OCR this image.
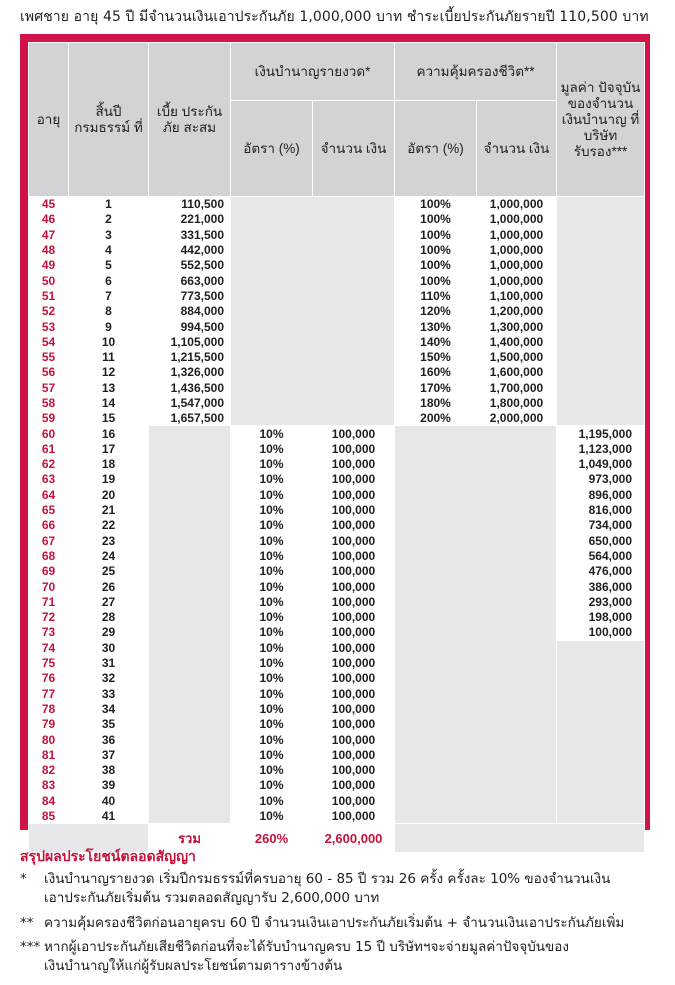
เพศชาย อายุ 45 ปี มีจำนวนเงินเอาประกันภัย 1,000,000 บาท ชำระเบี้ยประกันภัยรายปี 110,500 บาท
อายุ	สิ้นปี กรมธรรม์ ที่	เบี้ย ประกันภัย สะสม	เงินบำนาญรายงวด*		ความคุ้มครองชีวิต**		มูลค่า ปัจจุบัน ของจำนวน เงินบำนาญ ที่บริษัท รับรอง***
			อัตรา (%)	จำนวน เงิน	อัตรา (%)	จำนวน เงิน	
45	1	110,500			100%	1,000,000	
46	2	221,000			100%	1,000,000	
47	3	331,500			100%	1,000,000	
48	4	442,000			100%	1,000,000	
49	5	552,500			100%	1,000,000	
50	6	663,000			100%	1,000,000	
51	7	773,500			110%	1,100,000	
52	8	884,000			120%	1,200,000	
53	9	994,500			130%	1,300,000	
54	10	1,105,000			140%	1,400,000	
55	11	1,215,500			150%	1,500,000	
56	12	1,326,000			160%	1,600,000	
57	13	1,436,500			170%	1,700,000	
58	14	1,547,000			180%	1,800,000	
59	15	1,657,500			200%	2,000,000	
60	16		10%	100,000			1,195,000
61	17		10%	100,000			1,123,000
62	18		10%	100,000			1,049,000
63	19		10%	100,000			973,000
64	20		10%	100,000			896,000
65	21		10%	100,000			816,000
66	22		10%	100,000			734,000
67	23		10%	100,000			650,000
68	24		10%	100,000			564,000
69	25		10%	100,000			476,000
70	26		10%	100,000			386,000
71	27		10%	100,000			293,000
72	28		10%	100,000			198,000
73	29		10%	100,000			100,000
74	30		10%	100,000			
75	31		10%	100,000			
76	32		10%	100,000			
77	33		10%	100,000			
78	34		10%	100,000			
79	35		10%	100,000			
80	36		10%	100,000			
81	37		10%	100,000			
82	38		10%	100,000			
83	39		10%	100,000			
84	40		10%	100,000			
85	41		10%	100,000			
		รวม	260%	2,600,000			
สรุปผลประโยชน์ตลอดสัญญา
* เงินบำนาญรายงวด เริ่มปีกรมธรรม์ที่ครบอายุ 60 - 85 ปี รวม 26 ครั้ง ครั้งละ 10% ของจำนวนเงิน
เอาประกันภัยเริ่มต้น รวมตลอดสัญญารับ 2,600,000 บาท
** ความคุ้มครองชีวิตก่อนอายุครบ 60 ปี จำนวนเงินเอาประกันภัยเริ่มต้น + จำนวนเงินเอาประกันภัยเพิ่ม
*** หากผู้เอาประกันภัยเสียชีวิตก่อนที่จะได้รับบำนาญครบ 15 ปี บริษัทฯจะจ่ายมูลค่าปัจจุบันของ
เงินบำนาญให้แก่ผู้รับผลประโยชน์ตามตารางข้างต้น
